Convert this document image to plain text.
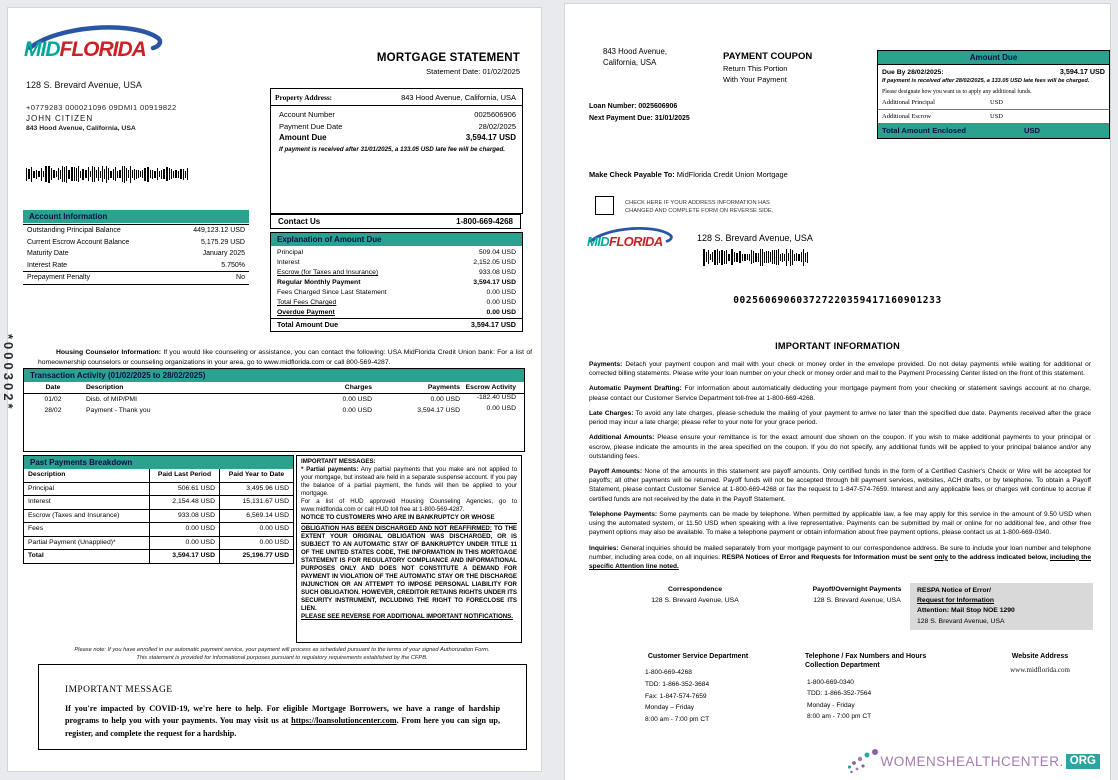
MIDFLORIDA
128 S. Brevard Avenue, USA
+0779283 000021096 09DMI1 00919822
JOHN CITIZEN
843 Hood Avenue, California, USA
*000302*
MORTGAGE STATEMENT
Statement Date: 01/02/2025
Property Address:	843 Hood Avenue, California, USA
Account Number	0025606906
Payment Due Date	28/02/2025
Amount Due	3,594.17 USD
If payment is received after 31/01/2025, a 133.05 USD late fee will be charged.
Contact Us	1-800-669-4268
Explanation of Amount Due
Principal	509.04 USD
Interest	2,152.05 USD
Escrow (for Taxes and Insurance)	933.08 USD
Regular Monthly Payment	3,594.17 USD
Fees Charged Since Last Statement	0.00 USD
Total Fees Charged	0.00 USD
Overdue Payment	0.00 USD
Total Amount Due	3,594.17 USD
Account Information
Outstanding Principal Balance	449,123.12 USD
Current Escrow Account Balance	5,175.29 USD
Maturity Date	January 2025
Interest Rate	5.750%
Prepayment Penalty	No
Housing Counselor Information: If you would like counseling or assistance, you can contact the following: USA MidFlorida Credit Union bank: For a list of homeownership counselors or counseling organizations in your area, go to www.midflorida.com or call 800-569-4287.
Transaction Activity (01/02/2025 to 28/02/2025)
Date	Description	Charges	Payments Escrow Activity
01/02	Disb. of MIP/PMI	0.00 USD	0.00 USD	-182.40 USD
28/02	Payment - Thank you	0.00 USD	3,594.17 USD	0.00 USD
Past Payments Breakdown
Description	Paid Last Period	Paid Year to Date
Principal	506.61 USD	3,495.96 USD
Interest	2,154.48 USD	15,131.67 USD
Escrow (Taxes and Insurance)	933.08 USD	6,569.14 USD
Fees	0.00 USD	0.00 USD
Partial Payment (Unapplied)*	0.00 USD	0.00 USD
Total	3,594.17 USD	25,196.77 USD
IMPORTANT MESSAGES:
* Partial payments: Any partial payments that you make are not applied to your mortgage, but instead are held in a separate suspense account. If you pay the balance of a partial payment, the funds will then be applied to your mortgage.
For a list of HUD approved Housing Counseling Agencies, go to www.midflorida.com or call HUD toll free at 1-800-569-4287.
NOTICE TO CUSTOMERS WHO ARE IN BANKRUPTCY OR WHOSE
OBLIGATION HAS BEEN DISCHARGED AND NOT REAFFIRMED: TO THE EXTENT YOUR ORIGINAL OBLIGATION WAS DISCHARGED, OR IS SUBJECT TO AN AUTOMATIC STAY OF BANKRUPTCY UNDER TITLE 11 OF THE UNITED STATES CODE, THE INFORMATION IN THIS MORTGAGE STATEMENT IS FOR REGULATORY COMPLIANCE AND INFORMATIONAL PURPOSES ONLY AND DOES NOT CONSTITUTE A DEMAND FOR PAYMENT IN VIOLATION OF THE AUTOMATIC STAY OR THE DISCHARGE INJUNCTION OR AN ATTEMPT TO IMPOSE PERSONAL LIABILITY FOR SUCH OBLIGATION. HOWEVER, CREDITOR RETAINS RIGHTS UNDER ITS SECURITY INSTRUMENT, INCLUDING THE RIGHT TO FORECLOSE ITS LIEN.
PLEASE SEE REVERSE FOR ADDITIONAL IMPORTANT NOTIFICATIONS.
Please note: If you have enrolled in our automatic payment service, your payment will process as scheduled pursuant to the terms of your signed Authorization Form.
This statement is provided for informational purposes pursuant to regulatory requirements established by the CFPB.
IMPORTANT MESSAGE

If you're impacted by COVID-19, we're here to help. For eligible Mortgage Borrowers, we have a range of hardship programs to help you with your payments. You may visit us at https://loansolutioncenter.com. From here you can sign up, register, and complete the request for a hardship.

843 Hood Avenue,
California, USA
PAYMENT COUPON
Return This Portion
With Your Payment
Amount Due
Due By 28/02/2025:	3,594.17 USD
If payment is received after 28/02/2025, a 133.05 USD late fees will be charged.
Please designate how you want us to apply any additional funds.
Additional Principal	USD
Additional Escrow	USD
Total Amount Enclosed	USD
Loan Number: 0025606906
Next Payment Due: 31/01/2025
Make Check Payable To: MidFlorida Credit Union Mortgage
CHECK HERE IF YOUR ADDRESS INFORMATION HAS
CHANGED AND COMPLETE FORM ON REVERSE SIDE.
MIDFLORIDA	128 S. Brevard Avenue, USA
002560690603727220359417160901233
IMPORTANT INFORMATION

Payments: Detach your payment coupon and mail with your check or money order in the envelope provided. Do not delay payments while waiting for additional or corrected billing statements. Please write your loan number on your check or money order and mail to the Payment Processing Center listed on the front of this statement.

Automatic Payment Drafting: For information about automatically deducting your mortgage payment from your checking or statement savings account at no charge, please contact our Customer Service Department toll-free at 1-800-669-4268.

Late Charges: To avoid any late charges, please schedule the mailing of your payment to arrive no later than the specified due date. Payments received after the grace period may incur a late charge; please refer to your note for your grace period.

Additional Amounts: Please ensure your remittance is for the exact amount due shown on the coupon. If you wish to make additional payments to your principal or escrow, please indicate the amounts in the area specified on the coupon. If you do not specify, any additional funds will be applied to your principal balance and/or any outstanding fees.

Payoff Amounts: None of the amounts in this statement are payoff amounts. Only certified funds in the form of a Certified Cashier's Check or Wire will be accepted for payoffs; all other payments will be returned. Payoff funds will not be accepted through bill payment services, websites, ACH drafts, or by telephone. To obtain a Payoff Statement, please contact Customer Service at 1-800-669-4268 or fax the request to 1-847-574-7659. Interest and any applicable fees or charges will continue to accrue if certified funds are not received by the date in the Payoff Statement.

Telephone Payments: Some payments can be made by telephone. When permitted by applicable law, a fee may apply for this service in the amount of 9.50 USD when using the automated system, or 11.50 USD when speaking with a live representative. Payments can be submitted by mail or online for no additional fee, and other free payment options may also be available. To make a telephone payment or obtain information about free payment options, please contact us at 1-800-669-0340.

Inquiries: General inquiries should be mailed separately from your mortgage payment to our correspondence address. Be sure to include your loan number and telephone number, including area code, on all inquiries. RESPA Notices of Error and Requests for Information must be sent only to the address indicated below, including the specific Attention line noted.

Correspondence
128 S. Brevard Avenue, USA
Payoff/Overnight Payments
128 S. Brevard Avenue, USA
RESPA Notice of Error/
Request for Information
Attention: Mail Stop NOE 1290
128 S. Brevard Avenue, USA
Customer Service Department
1-800-669-4268
TDD: 1-866-352-3684
Fax: 1-847-574-7659
Monday – Friday
8:00 am - 7:00 pm CT
Telephone / Fax Numbers and Hours
Collection Department
1-800-669-0340
TDD: 1-866-352-7564
Monday - Friday
8:00 am - 7:00 pm CT
Website Address
www.midflorida.com
WOMENSHEALTHCENTER. ORG
